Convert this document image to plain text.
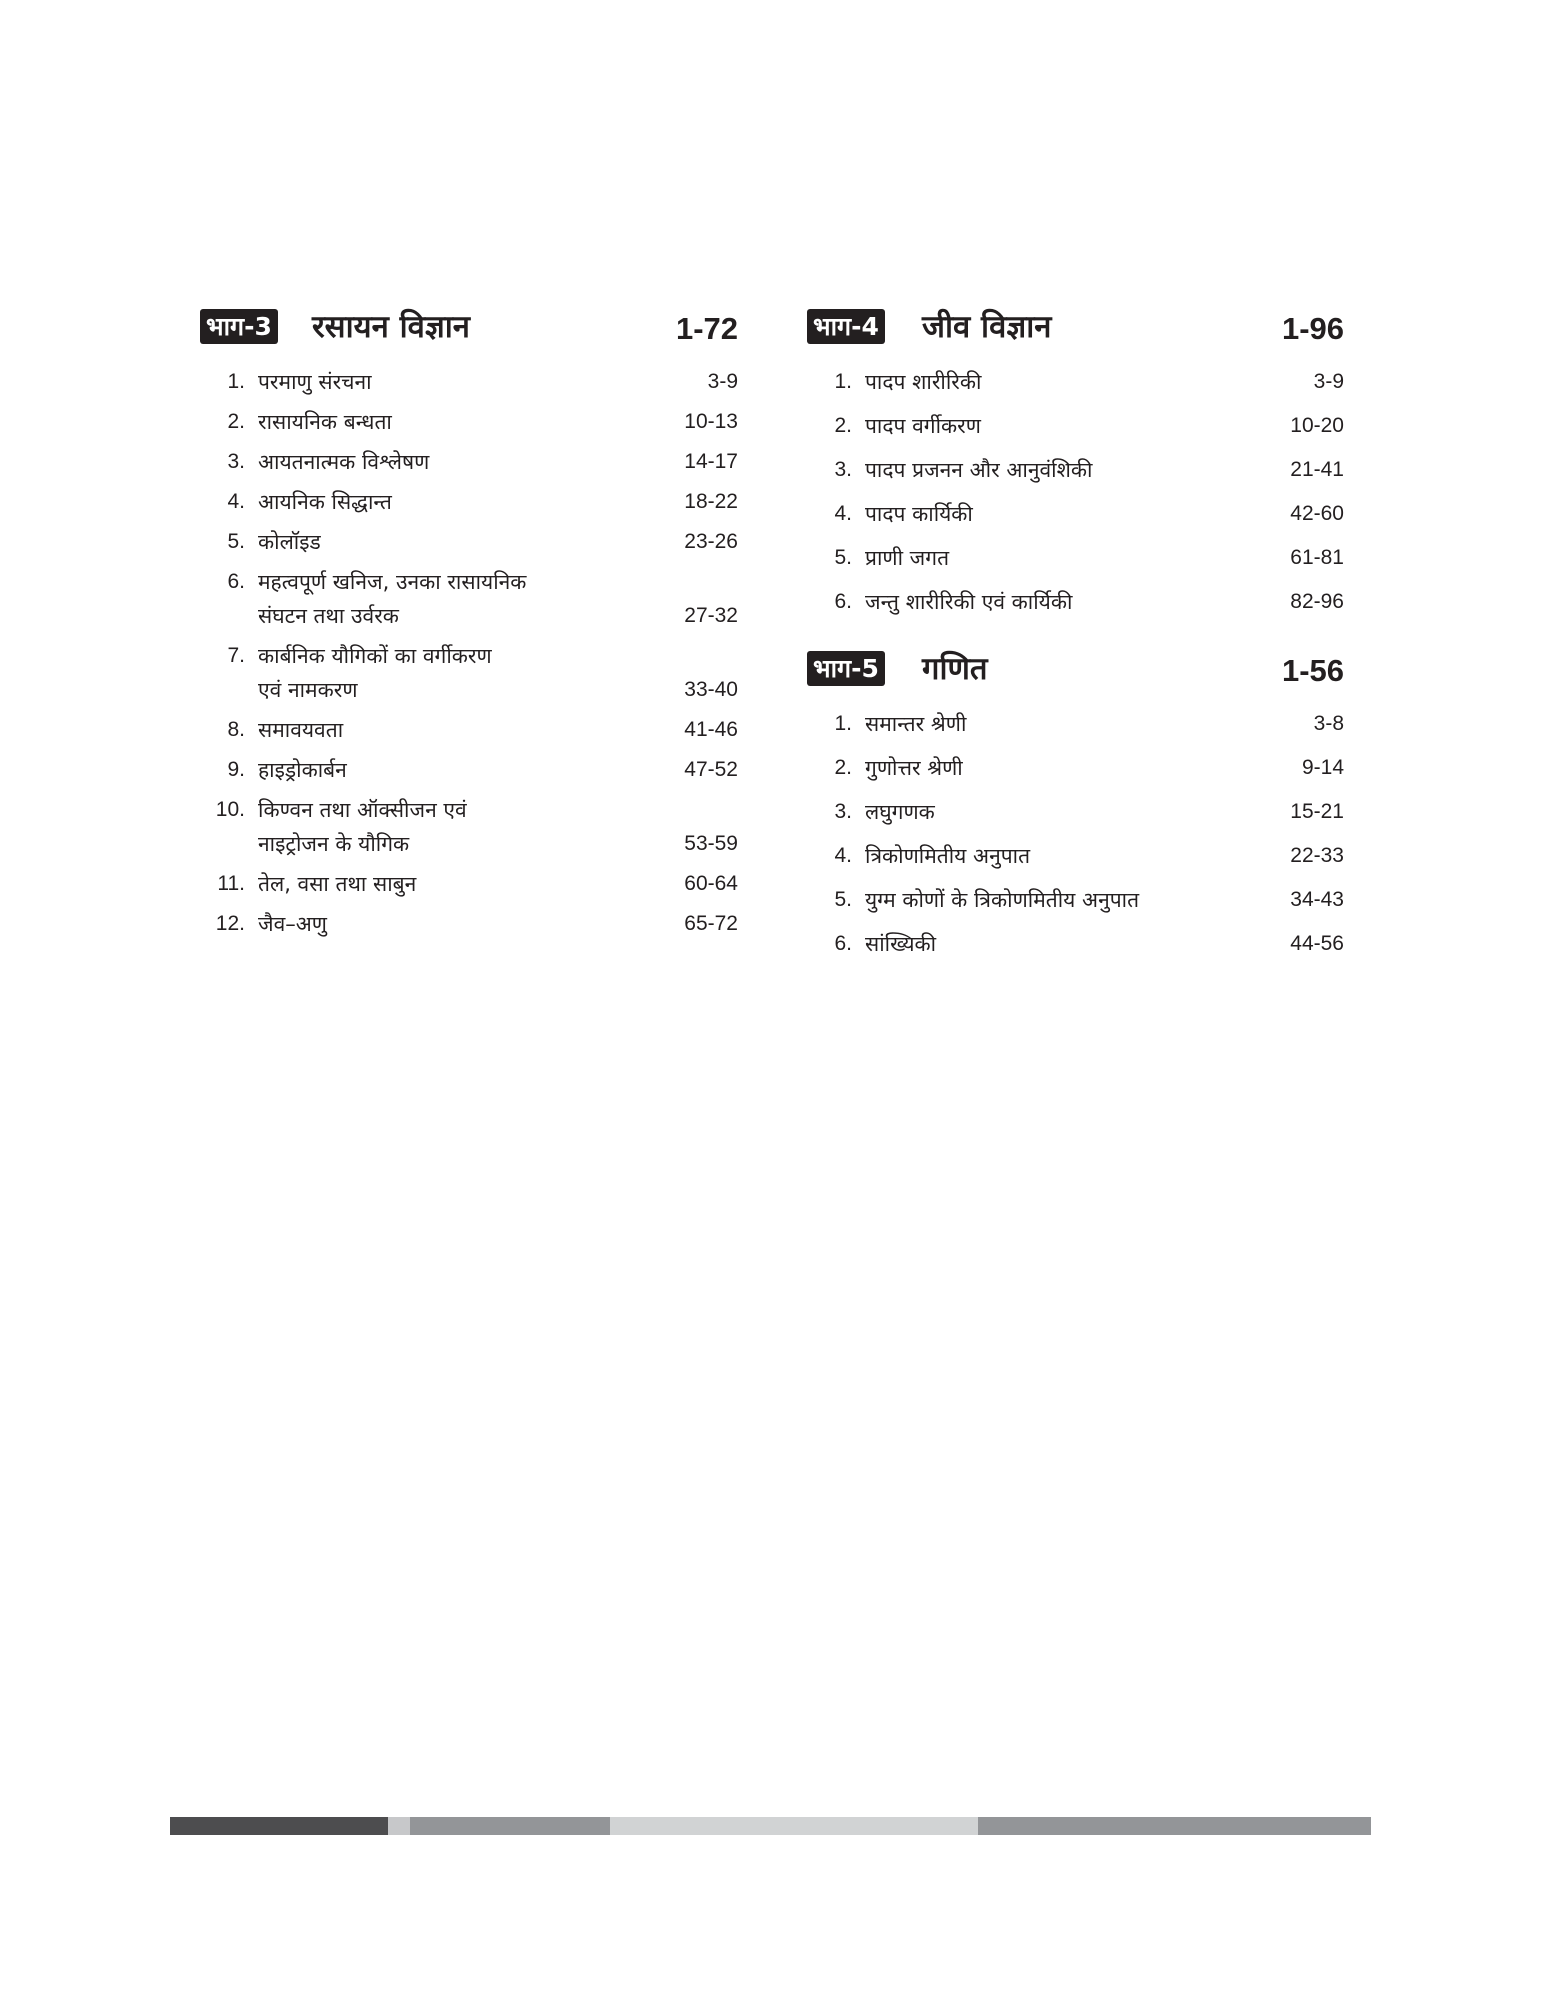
भाग-3 रसायन विज्ञान	1-72
1. परमाणु संरचना	3-9
2. रासायनिक बन्धता	10-13
3. आयतनात्मक विश्लेषण	14-17
4. आयनिक सिद्धान्त	18-22
5. कोलॉइड	23-26
6. महत्वपूर्ण खनिज, उनका रासायनिक
संघटन तथा उर्वरक	27-32
7. कार्बनिक यौगिकों का वर्गीकरण
एवं नामकरण	33-40
8. समावयवता	41-46
9. हाइड्रोकार्बन	47-52
10. किण्वन तथा ऑक्सीजन एवं
नाइट्रोजन के यौगिक	53-59
11. तेल, वसा तथा साबुन	60-64
12. जैव–अणु	65-72
भाग-4 जीव विज्ञान	1-96
1. पादप शारीरिकी	3-9
2. पादप वर्गीकरण	10-20
3. पादप प्रजनन और आनुवंशिकी	21-41
4. पादप कार्यिकी	42-60
5. प्राणी जगत	61-81
6. जन्तु शारीरिकी एवं कार्यिकी	82-96
भाग-5 गणित	1-56
1. समान्तर श्रेणी	3-8
2. गुणोत्तर श्रेणी	9-14
3. लघुगणक	15-21
4. त्रिकोणमितीय अनुपात	22-33
5. युग्म कोणों के त्रिकोणमितीय अनुपात	34-43
6. सांख्यिकी	44-56
